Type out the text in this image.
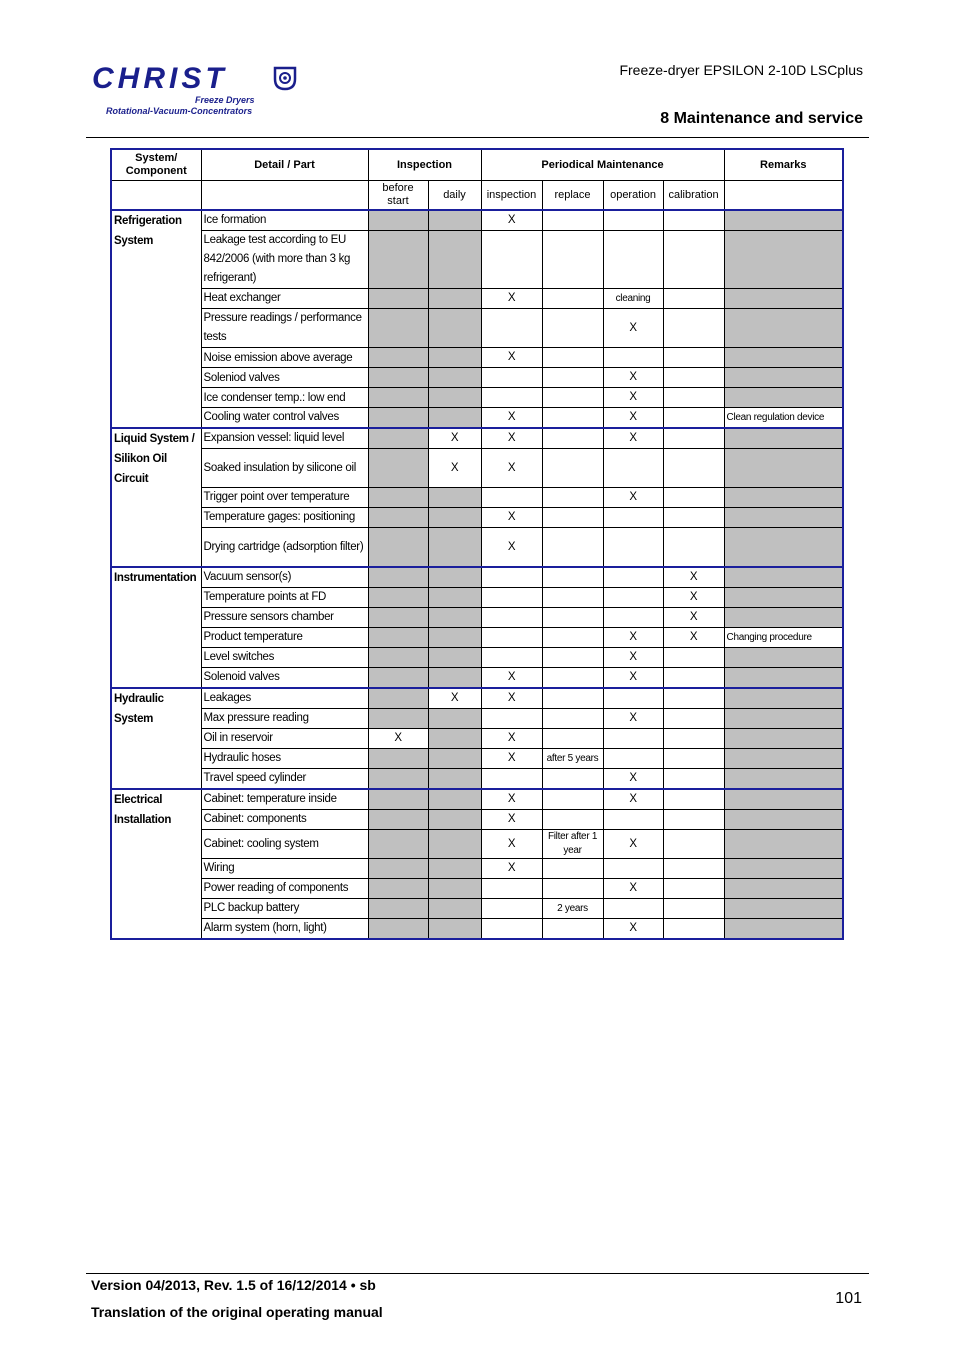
CHRIST
Freeze Dryers
Rotational-Vacuum-Concentrators
Freeze-dryer EPSILON 2-10D LSCplus
8 Maintenance and service
System/ Component	Detail / Part	Inspection		Periodical Maintenance				Remarks
		before start	daily	inspection	replace	operation	calibration	
Refrigeration System	Ice formation			X				
	Leakage test according to EU 842/2006 (with more than 3 kg refrigerant)							
	Heat exchanger			X		cleaning		
	Pressure readings / performance tests					X		
	Noise emission above average			X				
	Soleniod valves					X		
	Ice condenser temp.: low end					X		
	Cooling water control valves			X		X		Clean regulation device
Liquid System / Silikon Oil Circuit	Expansion vessel: liquid level		X	X		X		
	Soaked insulation by silicone oil		X	X				
	Trigger point over temperature					X		
	Temperature gages: positioning			X				
	Drying cartridge (adsorption filter)			X				
Instrumentation	Vacuum sensor(s)						X	
	Temperature points at FD						X	
	Pressure sensors chamber						X	
	Product temperature					X	X	Changing procedure
	Level switches					X		
	Solenoid valves			X		X		
Hydraulic System	Leakages		X	X				
	Max pressure reading					X		
	Oil in reservoir	X		X				
	Hydraulic hoses			X	after 5 years			
	Travel speed cylinder					X		
Electrical Installation	Cabinet: temperature inside			X		X		
	Cabinet: components			X				
	Cabinet: cooling system			X	Filter after 1 year	X		
	Wiring			X				
	Power reading of components					X		
	PLC backup battery				2 years			
	Alarm system (horn, light)					X		
Version 04/2013, Rev. 1.5 of 16/12/2014 • sb
Translation of the original operating manual
101
